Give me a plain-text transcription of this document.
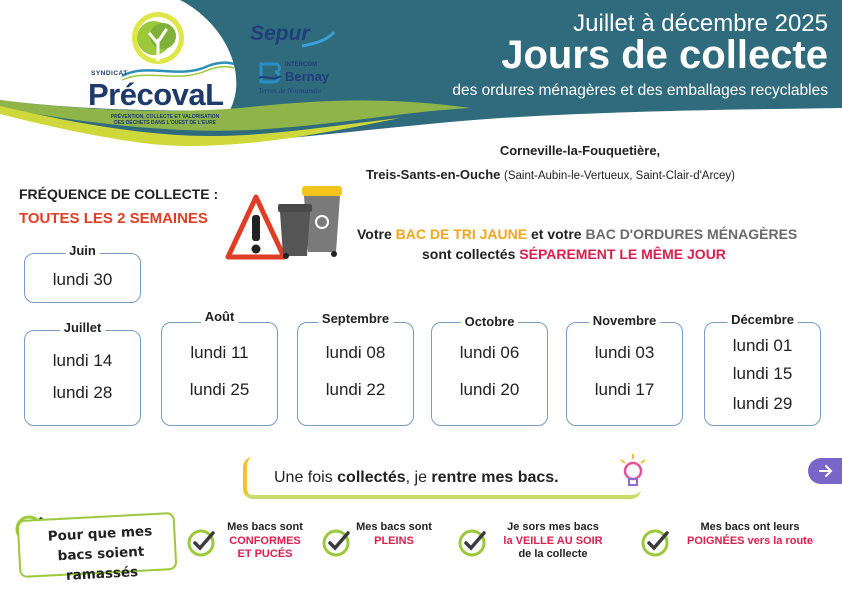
Juillet à décembre 2025
Jours de collecte
des ordures ménagères et des emballages recyclables
SYNDICAT
PrécovaL
PRÉVENTION, COLLECTE ET VALORISATION
DES DÉCHETS DANS L'OUEST DE L'EURE
Sepur
INTERCOM
Bernay
Terres de Normandie
Corneville-la-Fouquetière,
Treis-Sants-en-Ouche (Saint-Aubin-le-Vertueux, Saint-Clair-d'Arcey)
FRÉQUENCE DE COLLECTE :
TOUTES LES 2 SEMAINES
Votre BAC DE TRI JAUNE et votre BAC D'ORDURES MÉNAGÈRES
sont collectés SÉPAREMENT LE MÊME JOUR
Juin
lundi 30
Juillet
lundi 14
lundi 28
Août
lundi 11
lundi 25
Septembre
lundi 08
lundi 22
Octobre
lundi 06
lundi 20
Novembre
lundi 03
lundi 17
Décembre
lundi 01
lundi 15
lundi 29
Une fois collectés, je rentre mes bacs.
Pour que mes
bacs soient ramassés
Mes bacs sont
CONFORMES
ET PUCÉS
Mes bacs sont
PLEINS
Je sors mes bacs
la VEILLE AU SOIR
de la collecte
Mes bacs ont leurs
POIGNÉES vers la route
